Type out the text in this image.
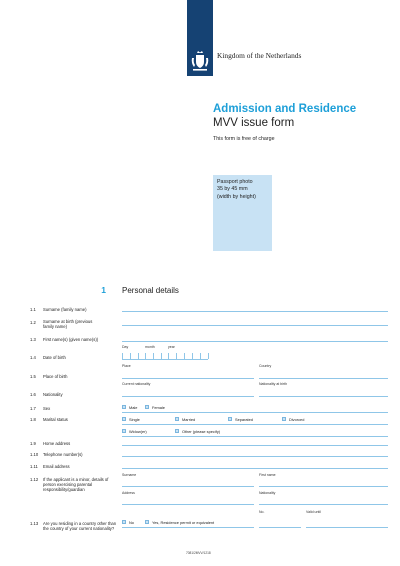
Kingdom of the Netherlands
Admission and Residence
MVV issue form
This form is free of charge
Passport photo
35 by 45 mm
(width by height)
1 Personal details
1.1 Surname (family name)
1.2 Surname at birth (previous family name)
1.3 First name(s) (given name(s))
Day	month	year
1.4 Date of birth
Place	Country
1.5 Place of birth
Current nationality	Nationality at birth
1.6 Nationality
1.7 Sex	Male	Female
1.8 Marital status	Single	Married	Separated	Divorced
Widow(er)	Other (please specify)
1.9 Home address
1.10 Telephone number(s)
1.11 Email address
Surname	First name
1.12 If the applicant is a minor, details of person exercising parental responsibility/guardian
Address	Nationality
No.	Valid until
1.13 Are you residing in a country other than the country of your current nationality?
No	Yes, Residence permit or equivalent
7081/2MVV/1218
